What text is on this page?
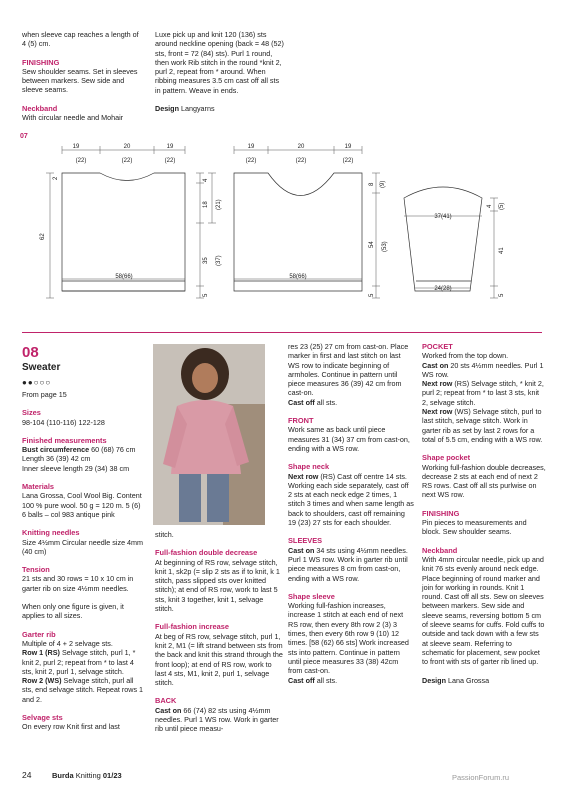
when sleeve cap reaches a length of 4 (5) cm.

FINISHING
Sew shoulder seams. Set in sleeves between markers. Sew side and sleeve seams.

Neckband
With circular needle and Mohair

Luxe pick up and knit 120 (136) sts around neckline opening (back = 48 (52) sts, front = 72 (84) sts). Purl 1 round, then work Rib stitch in the round *knit 2, purl 2, repeat from * around. When ribbing measures 3.5 cm cast off all sts in pattern. Weave in ends.

Design Langyarns

07
19	20	19
(22)	(22)	(22)
62
2
4
18 (21)
35 (37)
5
58(66)
19	20	19
(22)	(22)	(22)
8 (9)
54 (53)
5
58(66)
37(41)
24(28)
4 (5)
41
5
08
Sweater
●●○○○

From page 15

Sizes
98-104 (110-116) 122-128

Finished measurements
Bust circumference 60 (68) 76 cm
Length 36 (39) 42 cm
Inner sleeve length 29 (34) 38 cm

Materials
Lana Grossa, Cool Wool Big. Content 100 % pure wool. 50 g = 120 m. 5 (6) 6 balls – col 983 antique pink

Knitting needles
Size 4½mm Circular needle size 4mm (40 cm)

Tension
21 sts and 30 rows = 10 x 10 cm in garter rib on size 4½mm needles.

When only one figure is given, it applies to all sizes.

Garter rib
Multiple of 4 + 2 selvage sts.
Row 1 (RS) Selvage stitch, purl 1, * knit 2, purl 2; repeat from * to last 4 sts, knit 2, purl 1, selvage stitch.
Row 2 (WS) Selvage stitch, purl all sts, end selvage stitch. Repeat rows 1 and 2.

Selvage sts
On every row Knit first and last

stitch.

Full-fashion double decrease
At beginning of RS row, selvage stitch, knit 1, sk2p (= slip 2 sts as if to knit, k 1 stitch, pass slipped sts over knitted stitch); at end of RS row, work to last 5 sts, knit 3 together, knit 1, selvage stitch.

Full-fashion increase
At beg of RS row, selvage stitch, purl 1, knit 2, M1 (= lift strand between sts from the back and knit this strand through the front loop); at end of RS row, work to last 4 sts, M1, knit 2, purl 1, selvage stitch.

BACK
Cast on 66 (74) 82 sts using 4½mm needles. Purl 1 WS row. Work in garter rib until piece measu-

res 23 (25) 27 cm from cast-on. Place marker in first and last stitch on last WS row to indicate beginning of armholes. Continue in pattern until piece measures 36 (39) 42 cm from cast-on.
Cast off all sts.

FRONT
Work same as back until piece measures 31 (34) 37 cm from cast-on, ending with a WS row.

Shape neck
Next row (RS) Cast off centre 14 sts. Working each side separately, cast off 2 sts at each neck edge 2 times, 1 stitch 3 times and when same length as back to shoulders, cast off remaining 19 (23) 27 sts for each shoulder.

SLEEVES
Cast on 34 sts using 4½mm needles. Purl 1 WS row. Work in garter rib until piece measures 8 cm from cast-on, ending with a WS row.

Shape sleeve
Working full-fashion increases, increase 1 stitch at each end of next RS row, then every 8th row 2 (3) 3 times, then every 6th row 9 (10) 12 times. [58 (62) 66 sts] Work increased sts into pattern. Continue in pattern until piece measures 33 (38) 42cm from cast-on.
Cast off all sts.

POCKET
Worked from the top down.
Cast on 20 sts 4½mm needles. Purl 1 WS row.
Next row (RS) Selvage stitch, * knit 2, purl 2; repeat from * to last 3 sts, knit 2, selvage stitch.
Next row (WS) Selvage stitch, purl to last stitch, selvage stitch. Work in garter rib as set by last 2 rows for a total of 5.5 cm, ending with a WS row.

Shape pocket
Working full-fashion double decreases, decrease 2 sts at each end of next 2 RS rows. Cast off all sts purlwise on next WS row.

FINISHING
Pin pieces to measurements and block. Sew shoulder seams.

Neckband
With 4mm circular needle, pick up and knit 76 sts evenly around neck edge. Place beginning of round marker and join for working in rounds. Knit 1 round. Cast off all sts. Sew on sleeves between markers. Sew side and sleeve seams, reversing bottom 5 cm of sleeve seams for cuffs. Fold cuffs to outside and tack down with a few sts at sleeve seam. Referring to schematic for placement, sew pocket to front with sts of garter rib lined up.

Design Lana Grossa

24	Burda Knitting 01/23	PassionForum.ru
